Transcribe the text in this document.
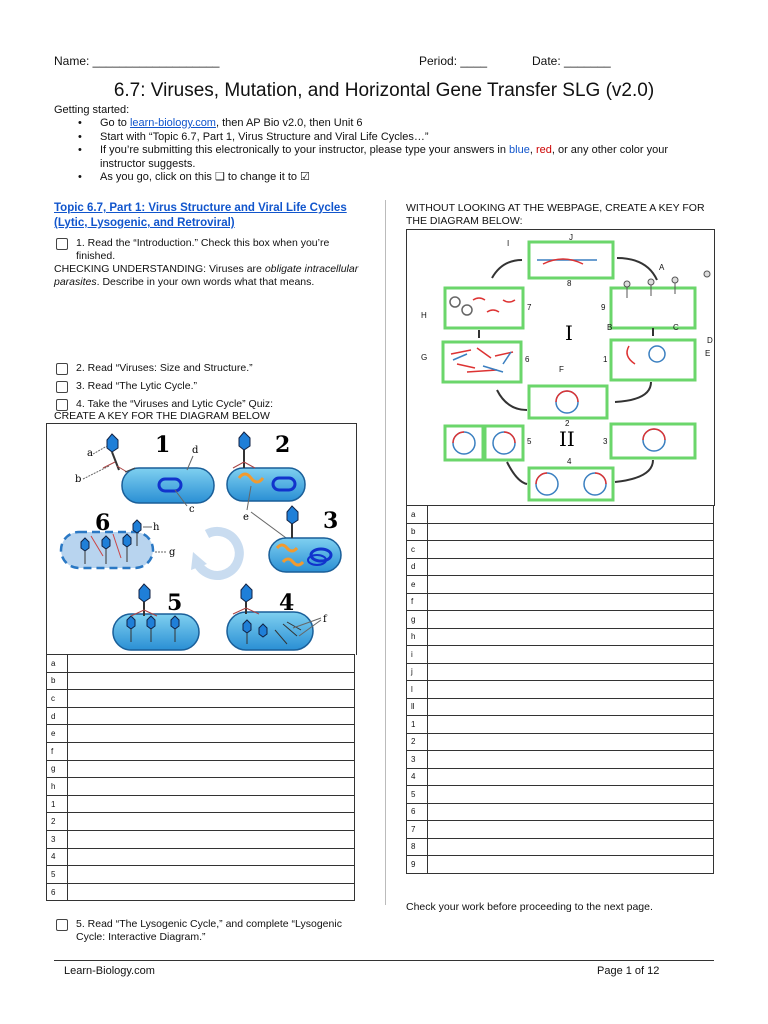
Name: ___________________	Period: ____	Date: _______
6.7: Viruses, Mutation, and Horizontal Gene Transfer SLG (v2.0)
Getting started:
• Go to learn-biology.com, then AP Bio v2.0, then Unit 6
• Start with “Topic 6.7, Part 1, Virus Structure and Viral Life Cycles…”
• If you’re submitting this electronically to your instructor, please type your answers in blue, red, or any other color your instructor suggests.
• As you go, click on this ❑ to change it to ☑
Topic 6.7, Part 1: Virus Structure and Viral Life Cycles (Lytic, Lysogenic, and Retroviral)
1. Read the “Introduction.” Check this box when you’re finished.
CHECKING UNDERSTANDING: Viruses are obligate intracellular parasites. Describe in your own words what that means.
2. Read “Viruses: Size and Structure.”
3. Read “The Lytic Cycle.”
4. Take the “Viruses and Lytic Cycle” Quiz:
CREATE A KEY FOR THE DIAGRAM BELOW
1
a
b
d
c
2
e	3
6	h
g
5	4
f
a	
b	
c	
d	
e	
f	
g	
h	
1	
2	
3	
4	
5	
6	
5. Read “The Lysogenic Cycle,” and complete “Lysogenic Cycle: Interactive Diagram.”
WITHOUT LOOKING AT THE WEBPAGE, CREATE A KEY FOR THE DIAGRAM BELOW:
J
I
A
H
B	C
D
E
G
F
8
9
7
6	1
2
5	3
4
I
II
a	
b	
c	
d	
e	
f	
g	
h	
i	
j	
l	
ll	
1	
2	
3	
4	
5	
6	
7	
8	
9	
Check your work before proceeding to the next page.
Learn-Biology.com	Page 1 of 12
